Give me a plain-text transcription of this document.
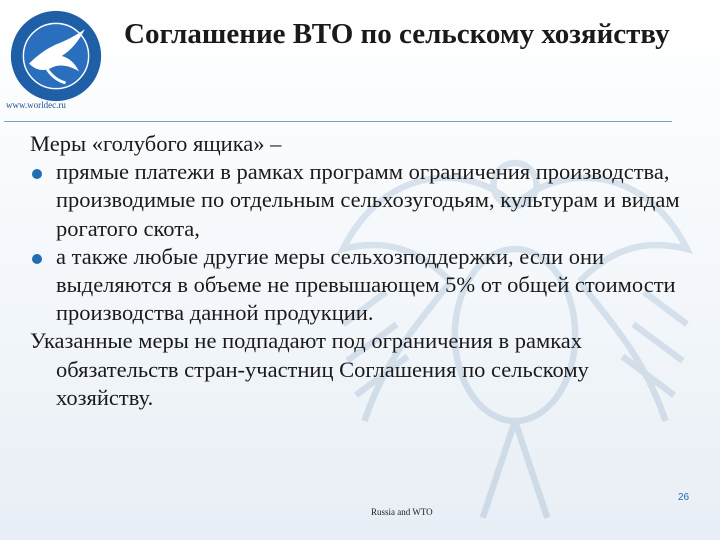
www.worldec.ru
Соглашение ВТО по сельскому хозяйству

Меры «голубого ящика» –

прямые платежи в рамках программ ограничения производства, производимые по отдельным сельхозугодьям, культурам и видам рогатого скота,

а также любые другие меры сельхозподдержки, если они выделяются в объеме не превышающем 5% от общей стоимости производства данной продукции.

Указанные меры не подпадают под ограничения в рамках обязательств стран-участниц Соглашения по сельскому хозяйству.

Russia and WTO
26
